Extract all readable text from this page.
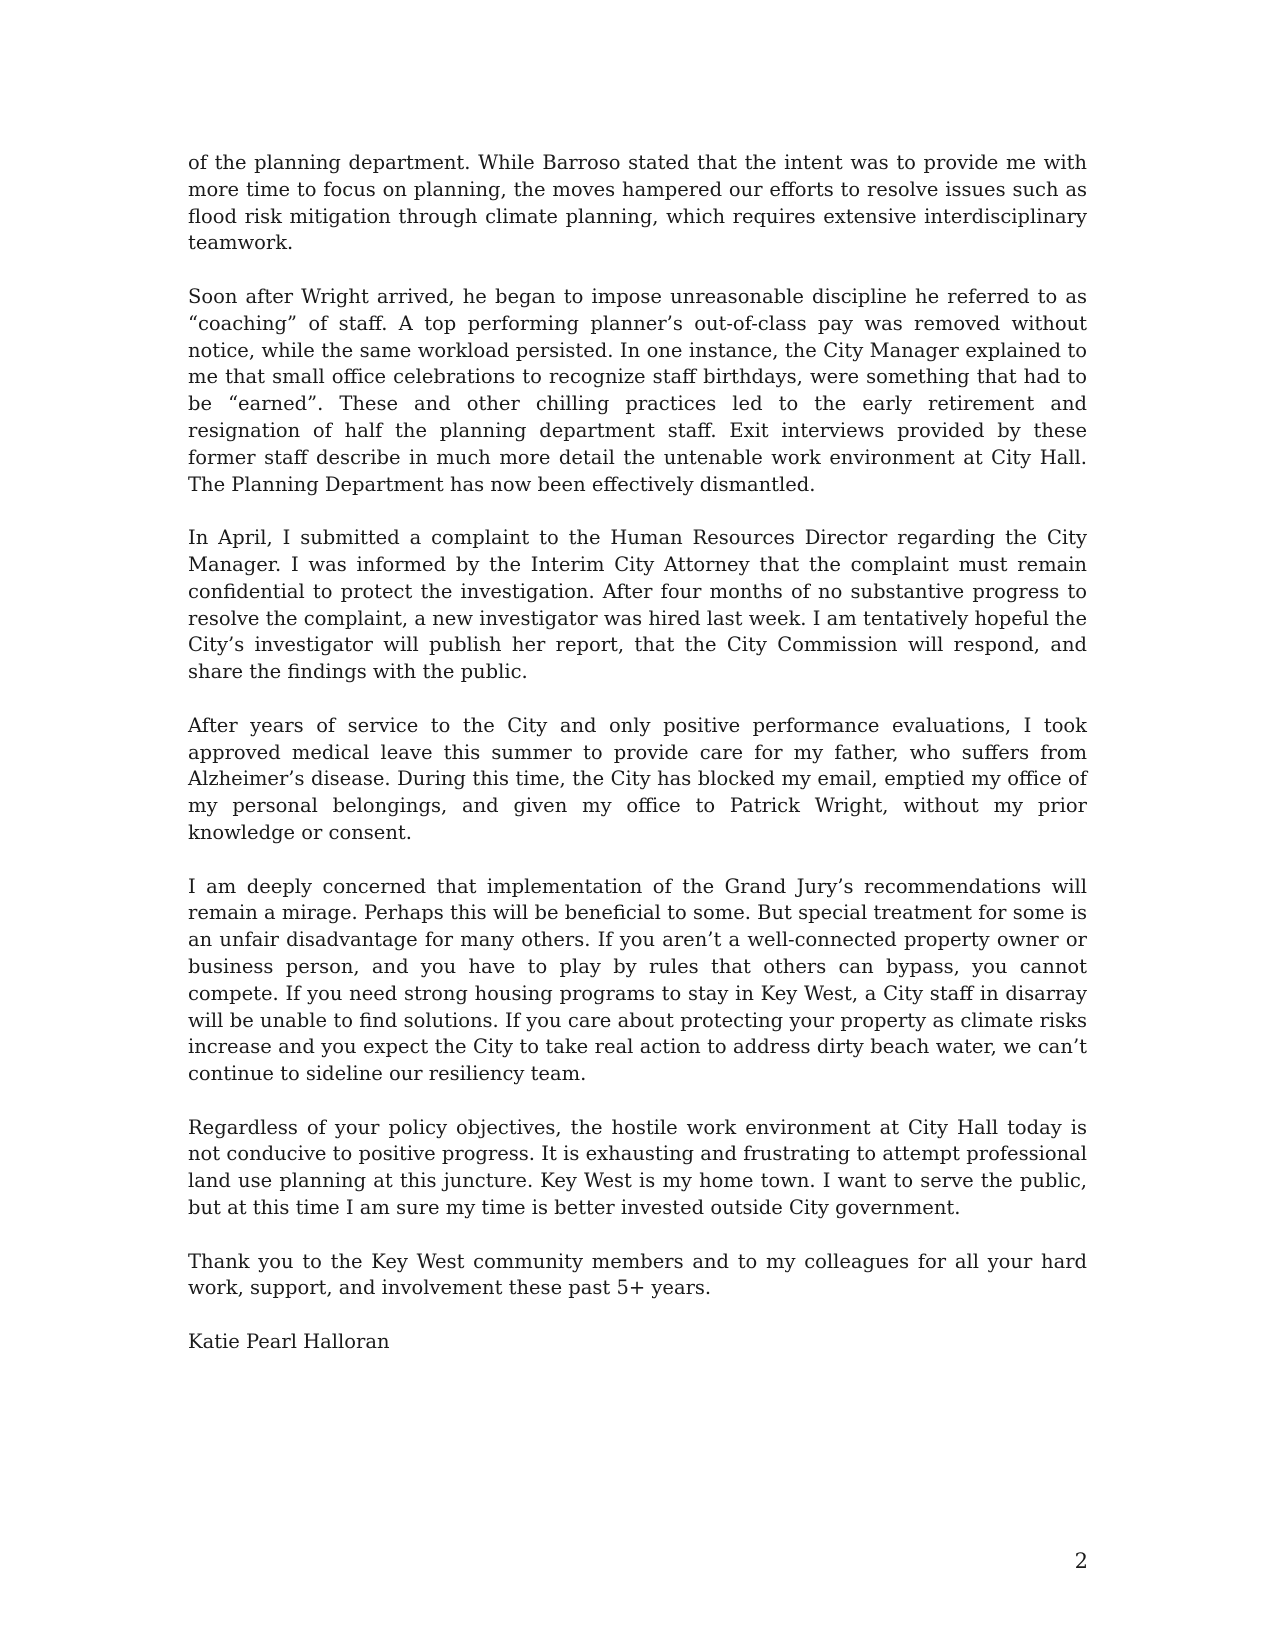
of the planning department. While Barroso stated that the intent was to provide me with more time to focus on planning, the moves hampered our efforts to resolve issues such as flood risk mitigation through climate planning, which requires extensive interdisciplinary teamwork.

Soon after Wright arrived, he began to impose unreasonable discipline he referred to as “coaching” of staff. A top performing planner’s out-of-class pay was removed without notice, while the same workload persisted. In one instance, the City Manager explained to me that small office celebrations to recognize staff birthdays, were something that had to be “earned”. These and other chilling practices led to the early retirement and resignation of half the planning department staff. Exit interviews provided by these former staff describe in much more detail the untenable work environment at City Hall. The Planning Department has now been effectively dismantled.

In April, I submitted a complaint to the Human Resources Director regarding the City Manager. I was informed by the Interim City Attorney that the complaint must remain confidential to protect the investigation. After four months of no substantive progress to resolve the complaint, a new investigator was hired last week. I am tentatively hopeful the City’s investigator will publish her report, that the City Commission will respond, and share the findings with the public.

After years of service to the City and only positive performance evaluations, I took approved medical leave this summer to provide care for my father, who suffers from Alzheimer’s disease. During this time, the City has blocked my email, emptied my office of my personal belongings, and given my office to Patrick Wright, without my prior knowledge or consent.

I am deeply concerned that implementation of the Grand Jury’s recommendations will remain a mirage. Perhaps this will be beneficial to some. But special treatment for some is an unfair disadvantage for many others. If you aren’t a well-connected property owner or business person, and you have to play by rules that others can bypass, you cannot compete. If you need strong housing programs to stay in Key West, a City staff in disarray will be unable to find solutions. If you care about protecting your property as climate risks increase and you expect the City to take real action to address dirty beach water, we can’t continue to sideline our resiliency team.

Regardless of your policy objectives, the hostile work environment at City Hall today is not conducive to positive progress. It is exhausting and frustrating to attempt professional land use planning at this juncture. Key West is my home town. I want to serve the public, but at this time I am sure my time is better invested outside City government.

Thank you to the Key West community members and to my colleagues for all your hard work, support, and involvement these past 5+ years.

Katie Pearl Halloran

2
